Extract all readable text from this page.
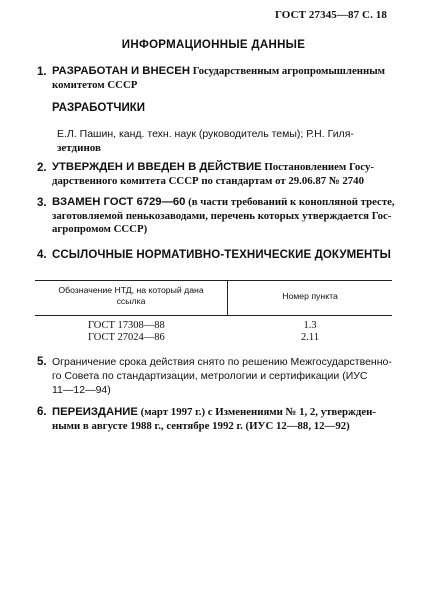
ГОСТ 27345—87 С. 18
ИНФОРМАЦИОННЫЕ ДАННЫЕ
1. РАЗРАБОТАН И ВНЕСЕН Государственным агропромышленным
комитетом СССР
РАЗРАБОТЧИКИ
Е.Л. Пашин, канд. техн. наук (руководитель темы); Р.Н. Гиля-
зетдинов
2. УТВЕРЖДЕН И ВВЕДЕН В ДЕЙСТВИЕ Постановлением Госу-
дарственного комитета СССР по стандартам от 29.06.87 № 2740
3. ВЗАМЕН ГОСТ 6729—60 (в части требований к конопляной тресте,
заготовляемой пенькозаводами, перечень которых утверждается Гос-
агропромом СССР)
4. ССЫЛОЧНЫЕ НОРМАТИВНО-ТЕХНИЧЕСКИЕ ДОКУМЕНТЫ
Обозначение НТД, на который дана
ссылка	Номер пункта
ГОСТ 17308—88	1.3
ГОСТ 27024—86	2.11
5. Ограничение срока действия снято по решению Межгосударственно-
го Совета по стандартизации, метрологии и сертификации (ИУС
11—12—94)
6. ПЕРЕИЗДАНИЕ (март 1997 г.) с Изменениями № 1, 2, утвержден-
ными в августе 1988 г., сентябре 1992 г. (ИУС 12—88, 12—92)
